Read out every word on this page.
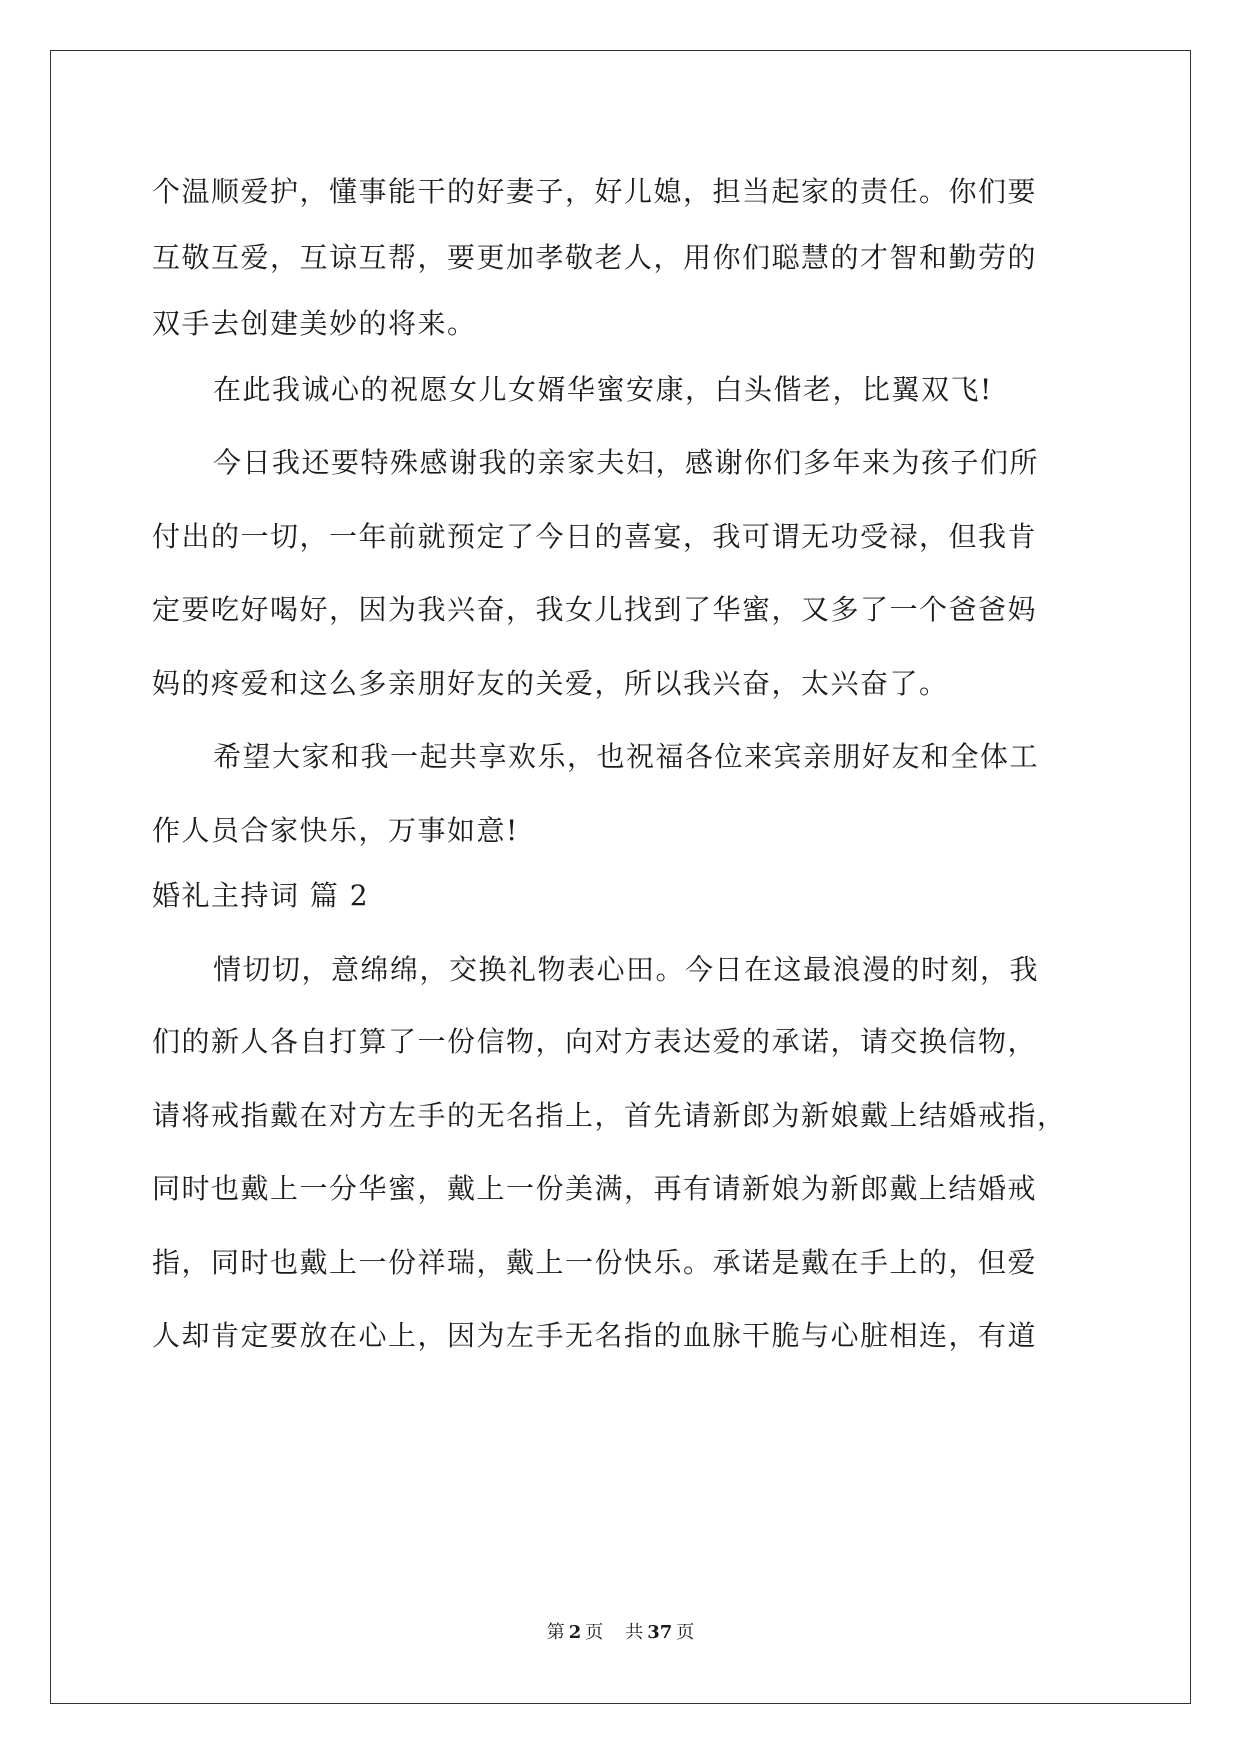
个温顺爱护，懂事能干的好妻子，好儿媳，担当起家的责任。你们要
互敬互爱，互谅互帮，要更加孝敬老人，用你们聪慧的才智和勤劳的
双手去创建美妙的将来。
在此我诚心的祝愿女儿女婿华蜜安康，白头偕老，比翼双飞!
今日我还要特殊感谢我的亲家夫妇，感谢你们多年来为孩子们所
付出的一切，一年前就预定了今日的喜宴，我可谓无功受禄，但我肯
定要吃好喝好，因为我兴奋，我女儿找到了华蜜，又多了一个爸爸妈
妈的疼爱和这么多亲朋好友的关爱，所以我兴奋，太兴奋了。
希望大家和我一起共享欢乐，也祝福各位来宾亲朋好友和全体工
作人员合家快乐，万事如意!
婚礼主持词 篇 2
情切切，意绵绵，交换礼物表心田。今日在这最浪漫的时刻，我
们的新人各自打算了一份信物，向对方表达爱的承诺，请交换信物，
请将戒指戴在对方左手的无名指上，首先请新郎为新娘戴上结婚戒指，
同时也戴上一分华蜜，戴上一份美满，再有请新娘为新郎戴上结婚戒
指，同时也戴上一份祥瑞，戴上一份快乐。承诺是戴在手上的，但爱
人却肯定要放在心上，因为左手无名指的血脉干脆与心脏相连，有道
第 2 页 共 37 页
